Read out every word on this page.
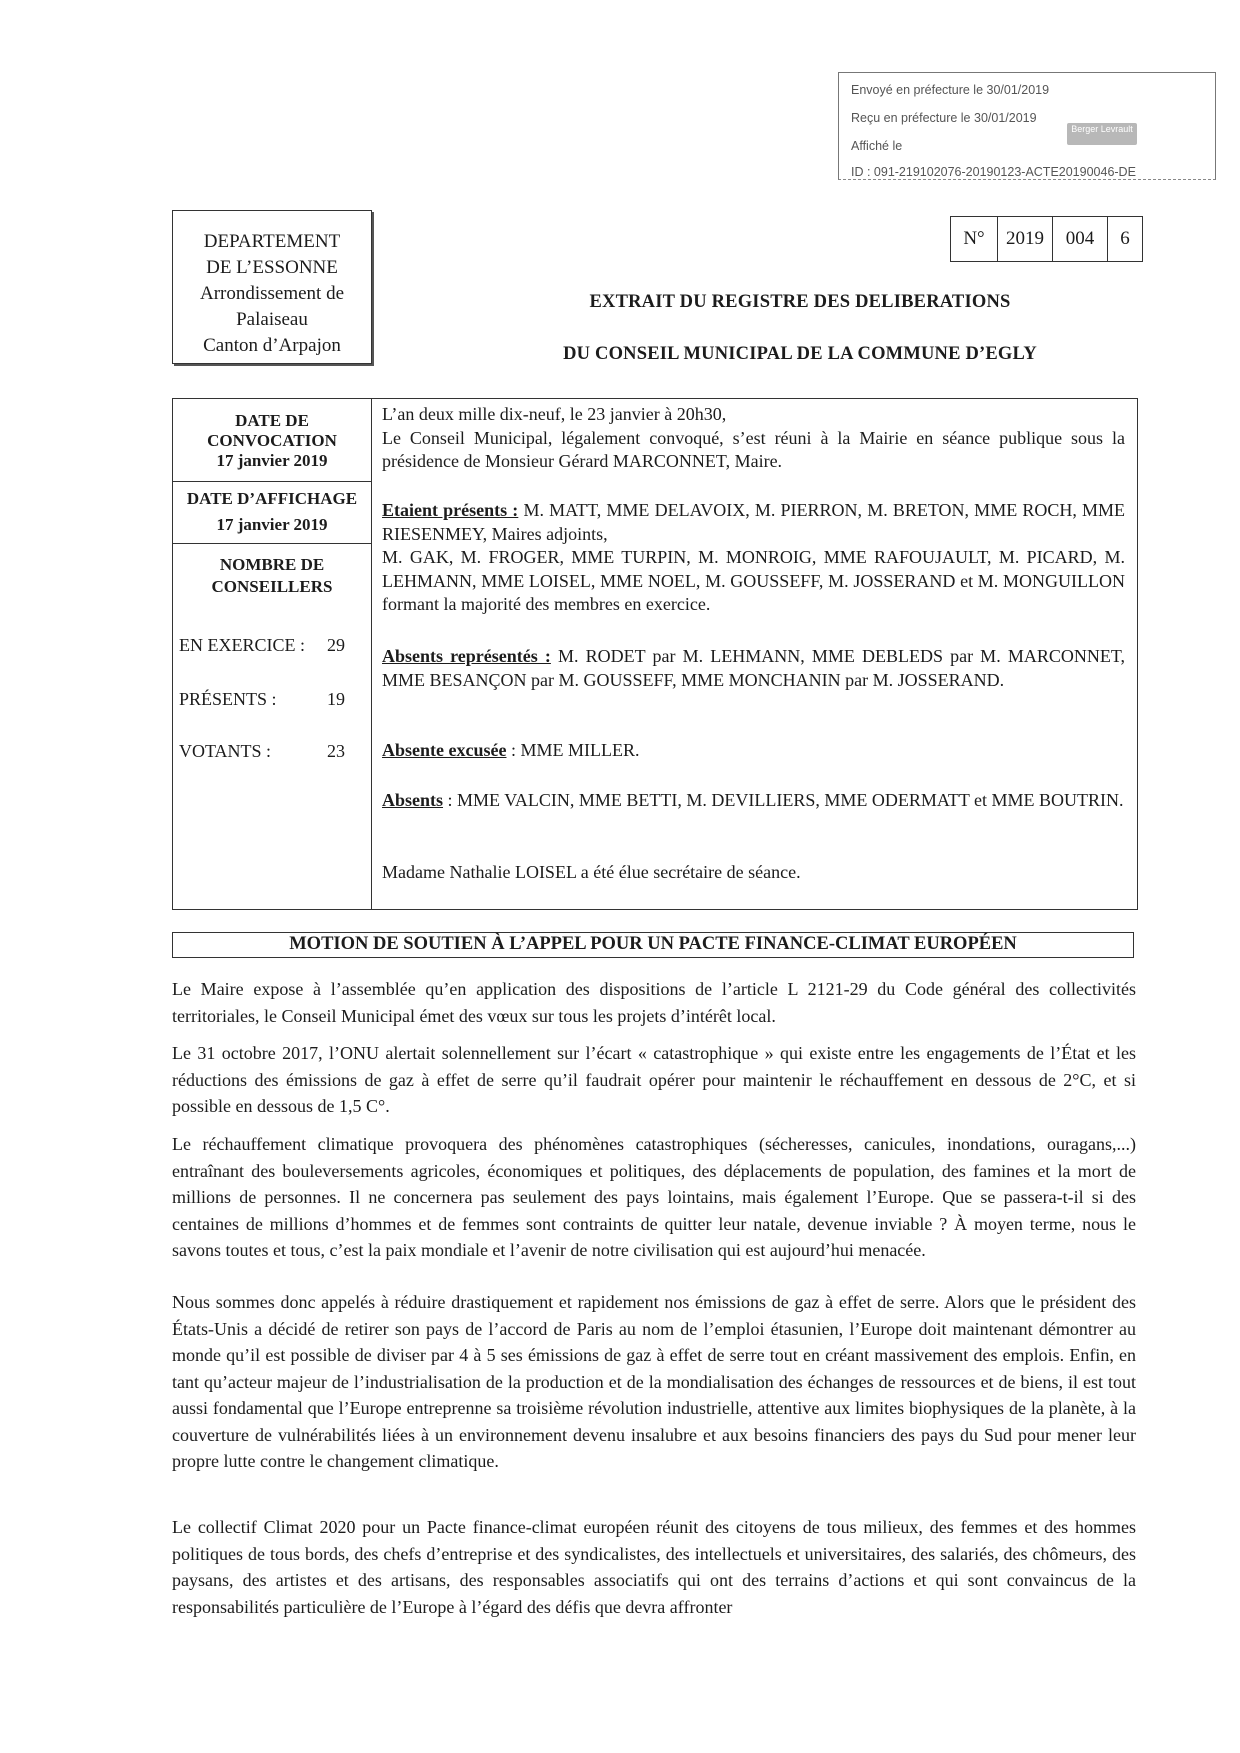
Envoyé en préfecture le 30/01/2019
Reçu en préfecture le 30/01/2019
Affiché le
Berger Levrault
ID : 091-219102076-20190123-ACTE20190046-DE
DEPARTEMENT
DE L’ESSONNE
Arrondissement de
Palaiseau
Canton d’Arpajon
N°	2019	004	6
EXTRAIT DU REGISTRE DES DELIBERATIONS
DU CONSEIL MUNICIPAL DE LA COMMUNE D’EGLY
DATE DE
CONVOCATION
17 janvier 2019
DATE D’AFFICHAGE
17 janvier 2019
NOMBRE DE
CONSEILLERS
EN EXERCICE : 29
PRÉSENTS :	19
VOTANTS :	23
L’an deux mille dix-neuf, le 23 janvier à 20h30,
Le Conseil Municipal, légalement convoqué, s’est réuni à la Mairie en séance publique sous la présidence de Monsieur Gérard MARCONNET, Maire.
Etaient présents : M. MATT, MME DELAVOIX, M. PIERRON, M. BRETON, MME ROCH, MME RIESENMEY, Maires adjoints,
M. GAK, M. FROGER, MME TURPIN, M. MONROIG, MME RAFOUJAULT, M. PICARD, M. LEHMANN, MME LOISEL, MME NOEL, M. GOUSSEFF, M. JOSSERAND et M. MONGUILLON formant la majorité des membres en exercice.
Absents représentés : M. RODET par M. LEHMANN, MME DEBLEDS par M. MARCONNET, MME BESANÇON par M. GOUSSEFF, MME MONCHANIN par M. JOSSERAND.
Absente excusée : MME MILLER.
Absents : MME VALCIN, MME BETTI, M. DEVILLIERS, MME ODERMATT et MME BOUTRIN.
Madame Nathalie LOISEL a été élue secrétaire de séance.
MOTION DE SOUTIEN À L’APPEL POUR UN PACTE FINANCE-CLIMAT EUROPÉEN
Le Maire expose à l’assemblée qu’en application des dispositions de l’article L 2121-29 du Code général des collectivités territoriales, le Conseil Municipal émet des vœux sur tous les projets d’intérêt local.
Le 31 octobre 2017, l’ONU alertait solennellement sur l’écart « catastrophique » qui existe entre les engagements de l’État et les réductions des émissions de gaz à effet de serre qu’il faudrait opérer pour maintenir le réchauffement en dessous de 2°C, et si possible en dessous de 1,5 C°.
Le réchauffement climatique provoquera des phénomènes catastrophiques (sécheresses, canicules, inondations, ouragans,...) entraînant des bouleversements agricoles, économiques et politiques, des déplacements de population, des famines et la mort de millions de personnes. Il ne concernera pas seulement des pays lointains, mais également l’Europe. Que se passera-t-il si des centaines de millions d’hommes et de femmes sont contraints de quitter leur natale, devenue inviable ? À moyen terme, nous le savons toutes et tous, c’est la paix mondiale et l’avenir de notre civilisation qui est aujourd’hui menacée.
Nous sommes donc appelés à réduire drastiquement et rapidement nos émissions de gaz à effet de serre. Alors que le président des États-Unis a décidé de retirer son pays de l’accord de Paris au nom de l’emploi étasunien, l’Europe doit maintenant démontrer au monde qu’il est possible de diviser par 4 à 5 ses émissions de gaz à effet de serre tout en créant massivement des emplois. Enfin, en tant qu’acteur majeur de l’industrialisation de la production et de la mondialisation des échanges de ressources et de biens, il est tout aussi fondamental que l’Europe entreprenne sa troisième révolution industrielle, attentive aux limites biophysiques de la planète, à la couverture de vulnérabilités liées à un environnement devenu insalubre et aux besoins financiers des pays du Sud pour mener leur propre lutte contre le changement climatique.
Le collectif Climat 2020 pour un Pacte finance-climat européen réunit des citoyens de tous milieux, des femmes et des hommes politiques de tous bords, des chefs d’entreprise et des syndicalistes, des intellectuels et universitaires, des salariés, des chômeurs, des paysans, des artistes et des artisans, des responsables associatifs qui ont des terrains d’actions et qui sont convaincus de la responsabilités particulière de l’Europe à l’égard des défis que devra affronter
